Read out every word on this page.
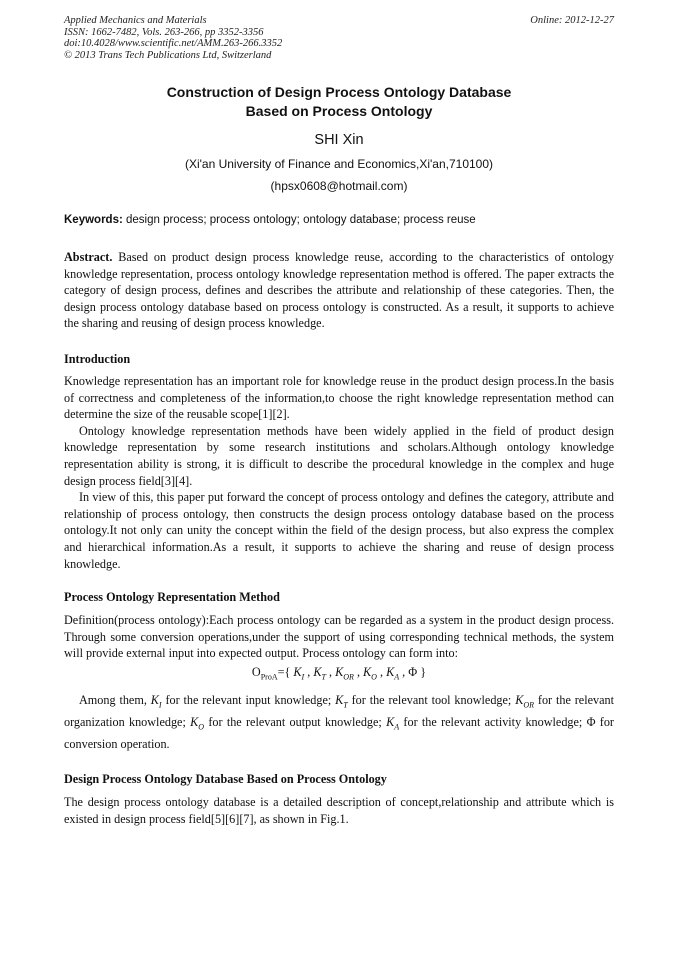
Applied Mechanics and Materials
ISSN: 1662-7482, Vols. 263-266, pp 3352-3356
doi:10.4028/www.scientific.net/AMM.263-266.3352
© 2013 Trans Tech Publications Ltd, Switzerland
Online: 2012-12-27
Construction of Design Process Ontology Database
Based on Process Ontology
SHI Xin
(Xi'an University of Finance and Economics,Xi'an,710100)
(hpsx0608@hotmail.com)
Keywords: design process; process ontology; ontology database; process reuse

Abstract. Based on product design process knowledge reuse, according to the characteristics of ontology knowledge representation, process ontology knowledge representation method is offered. The paper extracts the category of design process, defines and describes the attribute and relationship of these categories. Then, the design process ontology database based on process ontology is constructed. As a result, it supports to achieve the sharing and reusing of design process knowledge.

Introduction

Knowledge representation has an important role for knowledge reuse in the product design process.In the basis of correctness and completeness of the information,to choose the right knowledge representation method can determine the size of the reusable scope[1][2].
Ontology knowledge representation methods have been widely applied in the field of product design knowledge representation by some research institutions and scholars.Although ontology knowledge representation ability is strong, it is difficult to describe the procedural knowledge in the complex and huge design process field[3][4].
In view of this, this paper put forward the concept of process ontology and defines the category, attribute and relationship of process ontology, then constructs the design process ontology database based on the process ontology.It not only can unity the concept within the field of the design process, but also express the complex and hierarchical information.As a result, it supports to achieve the sharing and reuse of design process knowledge.

Process Ontology Representation Method

Definition(process ontology):Each process ontology can be regarded as a system in the product design process. Through some conversion operations,under the support of using corresponding technical methods, the system will provide external input into expected output. Process ontology can form into:

$O_{ProA}=${ $K_I$ , $K_T$ , $K_{OR}$ , $K_O$ , $K_A$ , Φ }

Among them, $K_I$ for the relevant input knowledge; $K_T$ for the relevant tool knowledge; $K_{OR}$ for the relevant organization knowledge; $K_O$ for the relevant output knowledge; $K_A$ for the relevant activity knowledge; Φ for conversion operation.

Design Process Ontology Database Based on Process Ontology

The design process ontology database is a detailed description of concept,relationship and attribute which is existed in design process field[5][6][7], as shown in Fig.1.
